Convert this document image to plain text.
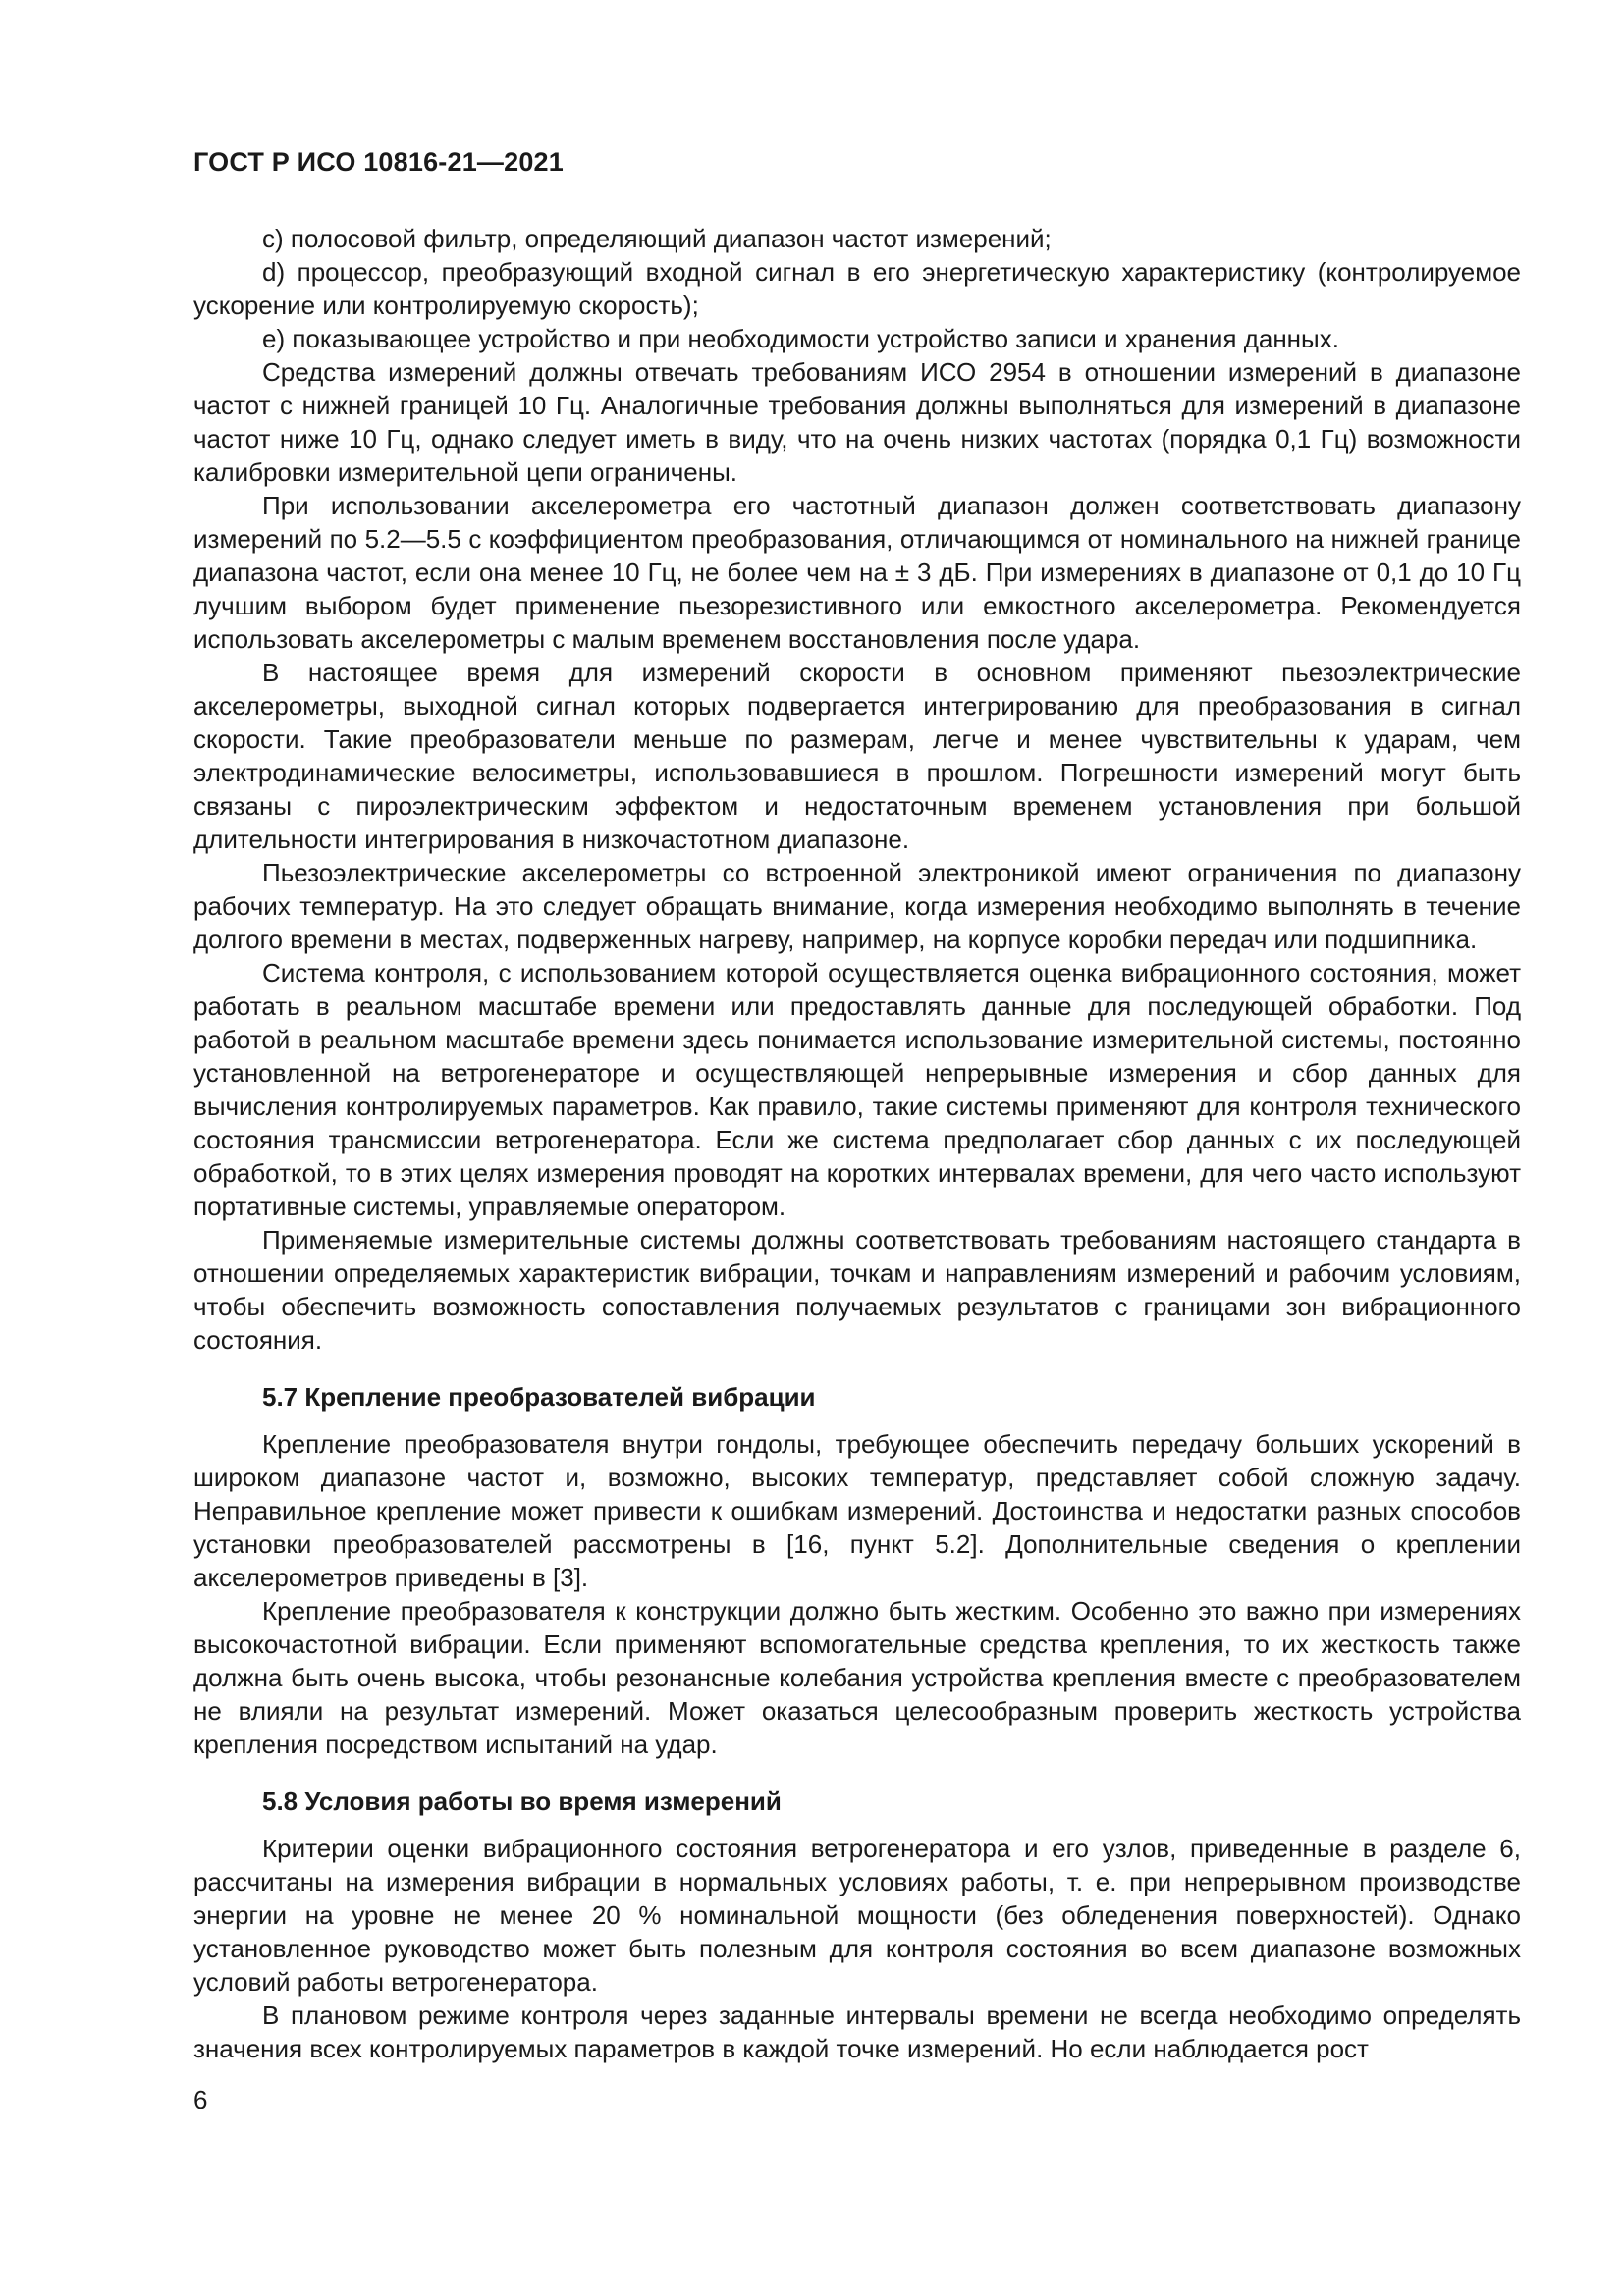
ГОСТ Р ИСО 10816-21—2021

c) полосовой фильтр, определяющий диапазон частот измерений;

d) процессор, преобразующий входной сигнал в его энергетическую характеристику (контролируемое ускорение или контролируемую скорость);

e) показывающее устройство и при необходимости устройство записи и хранения данных.

Средства измерений должны отвечать требованиям ИСО 2954 в отношении измерений в диапазоне частот с нижней границей 10 Гц. Аналогичные требования должны выполняться для измерений в диапазоне частот ниже 10 Гц, однако следует иметь в виду, что на очень низких частотах (порядка 0,1 Гц) возможности калибровки измерительной цепи ограничены.

При использовании акселерометра его частотный диапазон должен соответствовать диапазону измерений по 5.2—5.5 с коэффициентом преобразования, отличающимся от номинального на нижней границе диапазона частот, если она менее 10 Гц, не более чем на ± 3 дБ. При измерениях в диапазоне от 0,1 до 10 Гц лучшим выбором будет применение пьезорезистивного или емкостного акселерометра. Рекомендуется использовать акселерометры с малым временем восстановления после удара.

В настоящее время для измерений скорости в основном применяют пьезоэлектрические акселерометры, выходной сигнал которых подвергается интегрированию для преобразования в сигнал скорости. Такие преобразователи меньше по размерам, легче и менее чувствительны к ударам, чем электродинамические велосиметры, использовавшиеся в прошлом. Погрешности измерений могут быть связаны с пироэлектрическим эффектом и недостаточным временем установления при большой длительности интегрирования в низкочастотном диапазоне.

Пьезоэлектрические акселерометры со встроенной электроникой имеют ограничения по диапазону рабочих температур. На это следует обращать внимание, когда измерения необходимо выполнять в течение долгого времени в местах, подверженных нагреву, например, на корпусе коробки передач или подшипника.

Система контроля, с использованием которой осуществляется оценка вибрационного состояния, может работать в реальном масштабе времени или предоставлять данные для последующей обработки. Под работой в реальном масштабе времени здесь понимается использование измерительной системы, постоянно установленной на ветрогенераторе и осуществляющей непрерывные измерения и сбор данных для вычисления контролируемых параметров. Как правило, такие системы применяют для контроля технического состояния трансмиссии ветрогенератора. Если же система предполагает сбор данных с их последующей обработкой, то в этих целях измерения проводят на коротких интервалах времени, для чего часто используют портативные системы, управляемые оператором.

Применяемые измерительные системы должны соответствовать требованиям настоящего стандарта в отношении определяемых характеристик вибрации, точкам и направлениям измерений и рабочим условиям, чтобы обеспечить возможность сопоставления получаемых результатов с границами зон вибрационного состояния.

5.7 Крепление преобразователей вибрации

Крепление преобразователя внутри гондолы, требующее обеспечить передачу больших ускорений в широком диапазоне частот и, возможно, высоких температур, представляет собой сложную задачу. Неправильное крепление может привести к ошибкам измерений. Достоинства и недостатки разных способов установки преобразователей рассмотрены в [16, пункт 5.2]. Дополнительные сведения о креплении акселерометров приведены в [3].

Крепление преобразователя к конструкции должно быть жестким. Особенно это важно при измерениях высокочастотной вибрации. Если применяют вспомогательные средства крепления, то их жесткость также должна быть очень высока, чтобы резонансные колебания устройства крепления вместе с преобразователем не влияли на результат измерений. Может оказаться целесообразным проверить жесткость устройства крепления посредством испытаний на удар.

5.8 Условия работы во время измерений

Критерии оценки вибрационного состояния ветрогенератора и его узлов, приведенные в разделе 6, рассчитаны на измерения вибрации в нормальных условиях работы, т. е. при непрерывном производстве энергии на уровне не менее 20 % номинальной мощности (без обледенения поверхностей). Однако установленное руководство может быть полезным для контроля состояния во всем диапазоне возможных условий работы ветрогенератора.

В плановом режиме контроля через заданные интервалы времени не всегда необходимо определять значения всех контролируемых параметров в каждой точке измерений. Но если наблюдается рост

6
